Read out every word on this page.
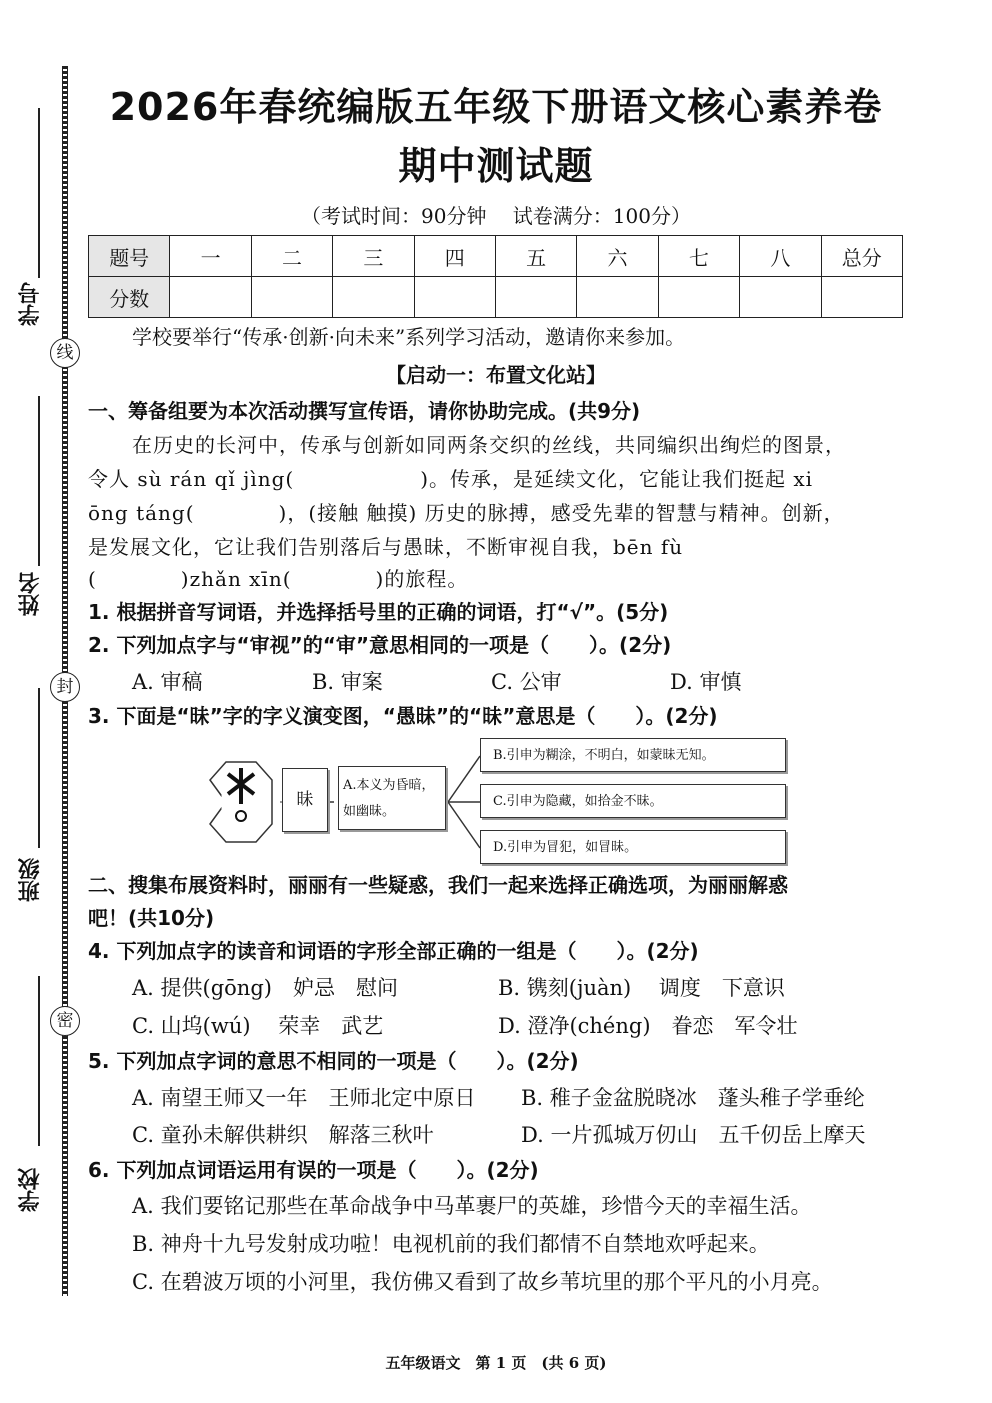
线
封
密
学号
姓名
班级
学校
2026年春统编版五年级下册语文核心素养卷
期中测试题
（考试时间：90分钟　 试卷满分：100分）
题号	一	二	三	四	五	六	七	八	总分
分数									
学校要举行“传承·创新·向未来”系列学习活动，邀请你来参加。
【启动一：布置文化站】
一、筹备组要为本次活动撰写宣传语，请你协助完成。(共9分)
在历史的长河中，传承与创新如同两条交织的丝线，共同编织出绚烂的图景，
令人 sù rán qǐ jìng(　　　　　　)。传承，是延续文化，它能让我们挺起 xi
ōng táng(　　　　)，(接触 触摸) 历史的脉搏，感受先辈的智慧与精神。创新，
是发展文化，它让我们告别落后与愚昧，不断审视自我，bēn fù
(　　　　)zhǎn xīn(　　　　)的旅程。
1. 根据拼音写词语，并选择括号里的正确的词语，打“√”。(5分)
2. 下列加点字与“审视”的“审”意思相同的一项是（　　）。(2分)
A. 审稿	B. 审案	C. 公审	D. 审慎
3. 下面是“昧”字的字义演变图，“愚昧”的“昧”意思是（　　）。(2分)
昧
A.本义为昏暗，
如幽昧。
B.引申为糊涂，不明白，如蒙昧无知。
C.引申为隐藏，如拾金不昧。
D.引申为冒犯，如冒昧。
二、搜集布展资料时，丽丽有一些疑惑，我们一起来选择正确选项，为丽丽解惑
吧！(共10分)
4. 下列加点字的读音和词语的字形全部正确的一组是（　　）。(2分)
A. 提供(gōng)　妒忌　慰问	B. 镌刻(juàn)　 调度　下意识
C. 山坞(wú)　 荣幸　武艺	D. 澄净(chéng)　眷恋　军令壮
5. 下列加点字词的意思不相同的一项是（　　）。(2分)
A. 南望王师又一年　王师北定中原日 B. 稚子金盆脱晓冰　蓬头稚子学垂纶
C. 童孙未解供耕织　解落三秋叶	D. 一片孤城万仞山　五千仞岳上摩天
6. 下列加点词语运用有误的一项是（　　）。(2分)
A. 我们要铭记那些在革命战争中马革裹尸的英雄，珍惜今天的幸福生活。
B. 神舟十九号发射成功啦！电视机前的我们都情不自禁地欢呼起来。
C. 在碧波万顷的小河里，我仿佛又看到了故乡苇坑里的那个平凡的小月亮。
五年级语文　第 1 页　(共 6 页)
